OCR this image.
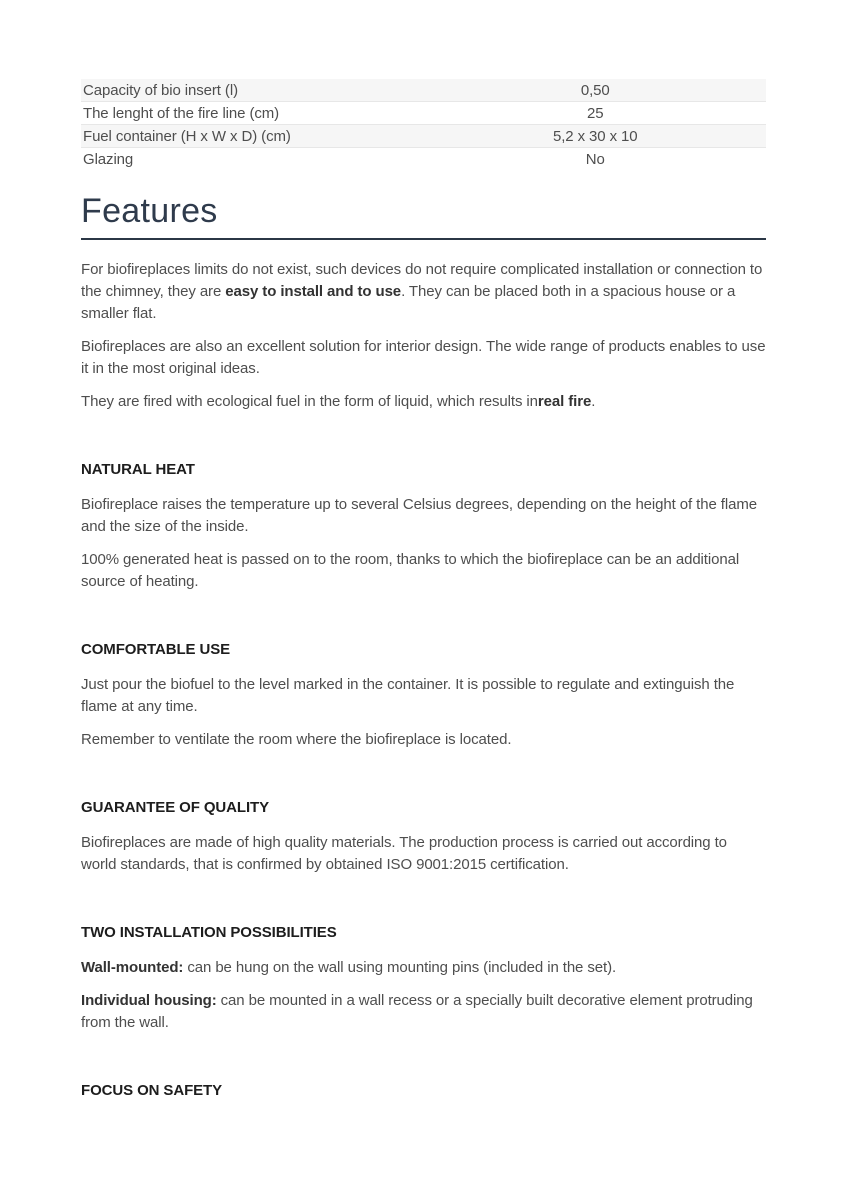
Capacity of bio insert (l)	0,50
The lenght of the fire line (cm)	25
Fuel container (H x W x D) (cm)	5,2 x 30 x 10
Glazing	No
Features

For biofireplaces limits do not exist, such devices do not require complicated installation or connection to the chimney, they are easy to install and to use. They can be placed both in a spacious house or a smaller flat.

Biofireplaces are also an excellent solution for interior design. The wide range of products enables to use it in the most original ideas.

They are fired with ecological fuel in the form of liquid, which results inreal fire.

NATURAL HEAT

Biofireplace raises the temperature up to several Celsius degrees, depending on the height of the flame and the size of the inside.

100% generated heat is passed on to the room, thanks to which the biofireplace can be an additional source of heating.

COMFORTABLE USE

Just pour the biofuel to the level marked in the container. It is possible to regulate and extinguish the flame at any time.

Remember to ventilate the room where the biofireplace is located.

GUARANTEE OF QUALITY

Biofireplaces are made of high quality materials. The production process is carried out according to world standards, that is confirmed by obtained ISO 9001:2015 certification.

TWO INSTALLATION POSSIBILITIES

Wall-mounted: can be hung on the wall using mounting pins (included in the set).

Individual housing: can be mounted in a wall recess or a specially built decorative element protruding from the wall.

FOCUS ON SAFETY
